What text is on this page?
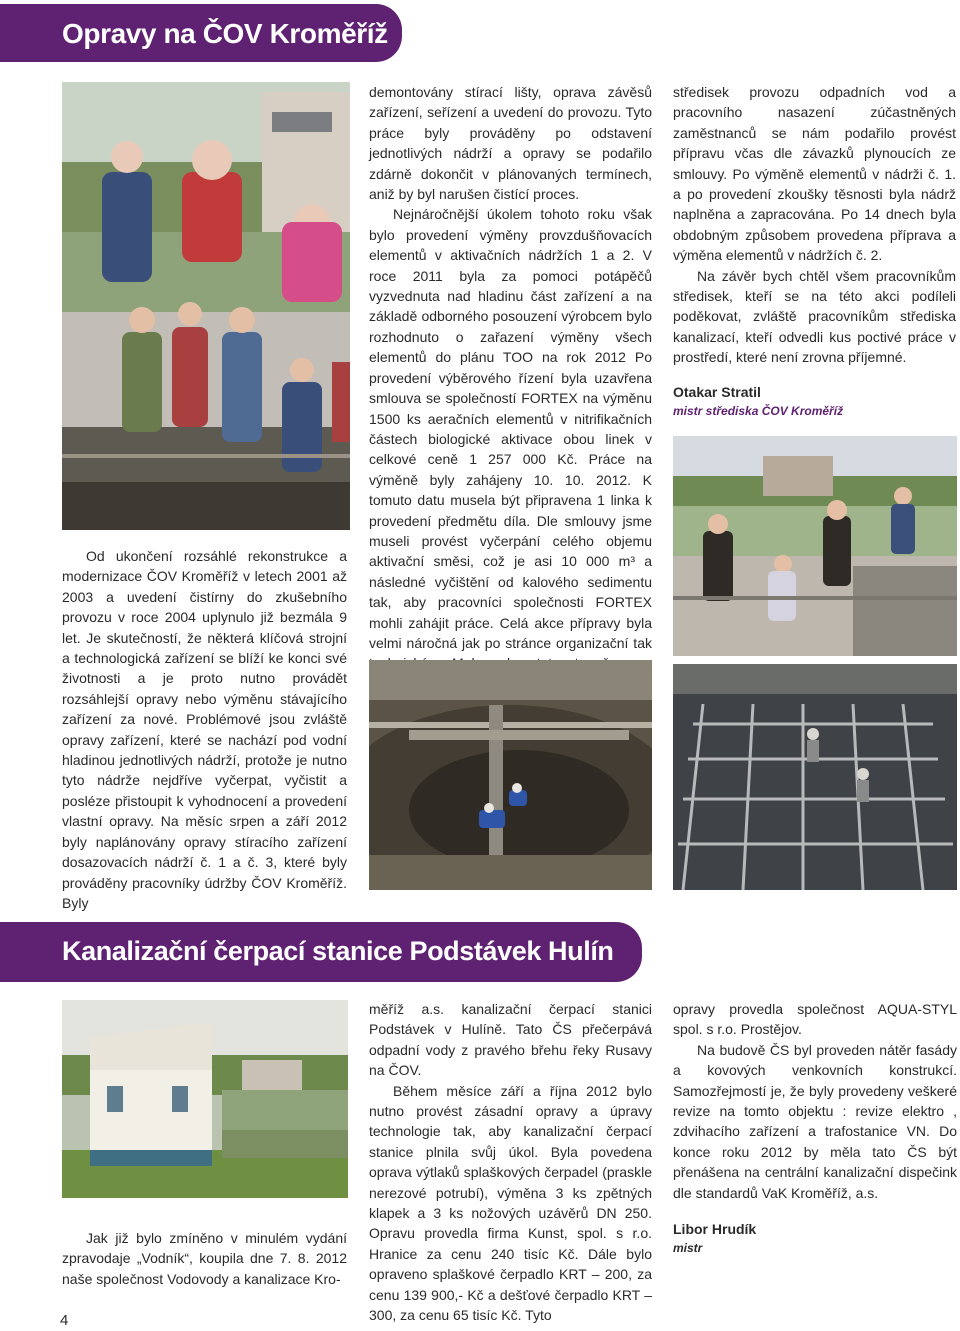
Opravy na ČOV Kroměříž

Od ukončení rozsáhlé rekonstrukce a modernizace ČOV Kroměříž v letech 2001 až 2003 a uvedení čistírny do zkušebního provozu v roce 2004 uplynulo již bezmála 9 let. Je skutečností, že některá klíčová strojní a technologická zařízení se blíží ke konci své životnosti a je proto nutno provádět rozsáhlejší opravy nebo výměnu stávajícího zařízení za nové. Problémové jsou zvláště opravy zařízení, které se nachází pod vodní hladinou jednotlivých nádrží, protože je nutno tyto nádrže nejdříve vyčerpat, vyčistit a posléze přistoupit k vyhodnocení a provedení vlastní opravy. Na měsíc srpen a září 2012 byly naplánovány opravy stíracího zařízení dosazovacích nádrží č. 1 a č. 3, které byly prováděny pracovníky údržby ČOV Kroměříž. Byly

demontovány stírací lišty, oprava závěsů zařízení, seřízení a uvedení do provozu. Tyto práce byly prováděny po odstavení jednotlivých nádrží a opravy se podařilo zdárně dokončit v plánovaných termínech, aniž by byl narušen čistící proces.

Nejnáročnější úkolem tohoto roku však bylo provedení výměny provzdušňovacích elementů v aktivačních nádržích 1 a 2. V roce 2011 byla za pomoci potápěčů vyzvednuta nad hladinu část zařízení a na základě odborného posouzení výrobcem bylo rozhodnuto o zařazení výměny všech elementů do plánu TOO na rok 2012 Po provedení výběrového řízení byla uzavřena smlouva se společností FORTEX na výměnu 1500 ks aeračních elementů v nitrifikačních částech biologické aktivace obou linek v celkové ceně 1 257 000 Kč. Práce na výměně byly zahájeny 10. 10. 2012. K tomuto datu musela být připravena 1 linka k provedení předmětu díla. Dle smlouvy jsme museli provést vyčerpání celého objemu aktivační směsi, což je asi 10 000 m³ a následné vyčištění od kalového sedimentu tak, aby pracovníci společnosti FORTEX mohli zahájit práce. Celá akce přípravy byla velmi náročná jak po stránce organizační tak

středisek provozu odpadních vod a pracovního nasazení zúčastněných zaměstnanců se nám podařilo provést přípravu včas dle závazků plynoucích ze smlouvy. Po výměně elementů v nádrži č. 1. a po provedení zkoušky těsnosti byla nádrž naplněna a zapracována. Po 14 dnech byla obdobným způsobem provedena příprava a výměna elementů v nádržích č. 2.

Na závěr bych chtěl všem pracovníkům středisek, kteří se na této akci podíleli poděkovat, zvláště pracovníkům střediska kanalizací, kteří odvedli kus poctivé práce v prostředí, které není zrovna příjemné.

Otakar Stratil

mistr střediska ČOV Kroměříž

Kanalizační čerpací stanice Podstávek Hulín

Jak již bylo zmíněno v minulém vydání zpravodaje „Vodník“, koupila dne 7. 8. 2012 naše společnost Vodovody a kanalizace Kro-

měříž a.s. kanalizační čerpací stanici Podstávek v Hulíně. Tato ČS přečerpává odpadní vody z pravého břehu řeky Rusavy na ČOV.

Během měsíce září a října 2012 bylo nutno provést zásadní opravy a úpravy technologie tak, aby kanalizační čerpací stanice plnila svůj úkol. Byla povedena oprava výtlaků splaškových čerpadel (praskle nerezové potrubí), výměna 3 ks zpětných klapek a 3 ks nožových uzávěrů DN 250. Opravu provedla firma Kunst, spol. s r.o. Hranice za cenu 240 tisíc Kč. Dále bylo opraveno splaškové čerpadlo KRT – 200, za cenu 139 900,- Kč a dešťové čerpadlo KRT – 300, za cenu 65 tisíc Kč. Tyto

opravy provedla společnost AQUA-STYL spol. s r.o. Prostějov.

Na budově ČS byl proveden nátěr fasády a kovových venkovních konstrukcí. Samozřejmostí je, že byly provedeny veškeré revize na tomto objektu : revize elektro , zdvihacího zařízení a trafostanice VN. Do konce roku 2012 by měla tato ČS být přenášena na centrální kanalizační dispečink dle standardů VaK Kroměříž, a.s.

Libor Hrudík

mistr

4
